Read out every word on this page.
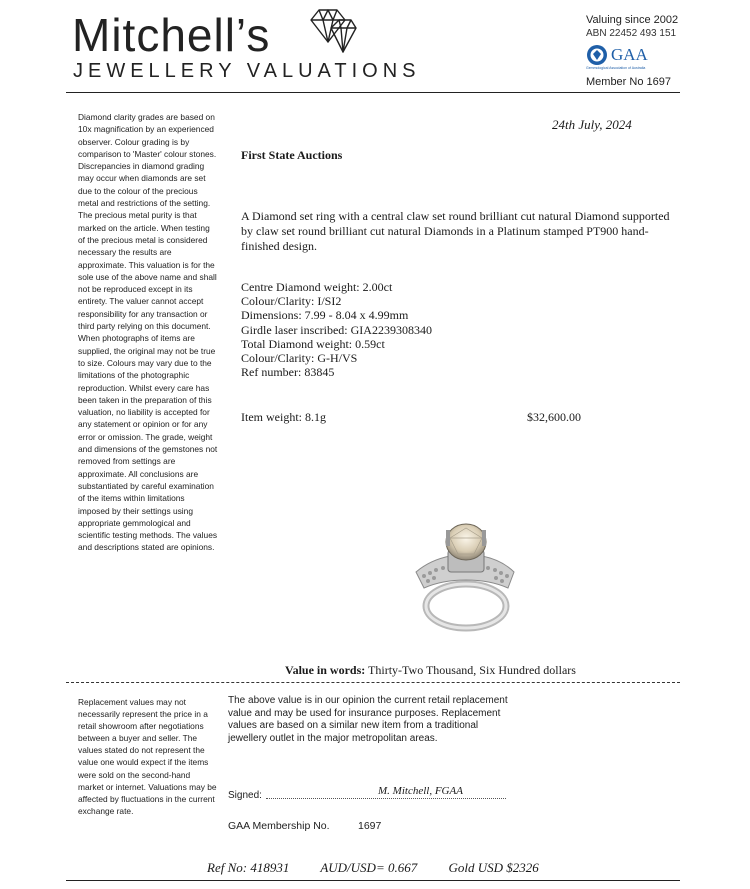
Mitchell’s
JEWELLERY VALUATIONS
Valuing since 2002
ABN 22452 493 151
GAA
Gemmological Association of Australia
Member No 1697
Diamond clarity grades are based on 10x magnification by an experienced observer. Colour grading is by comparison to 'Master' colour stones. Discrepancies in diamond grading may occur when diamonds are set due to the colour of the precious metal and restrictions of the setting. The precious metal purity is that marked on the article. When testing of the precious metal is considered necessary the results are approximate. This valuation is for the sole use of the above name and shall not be reproduced except in its entirety. The valuer cannot accept responsibility for any transaction or third party relying on this document. When photographs of items are supplied, the original may not be true to size. Colours may vary due to the limitations of the photographic reproduction. Whilst every care has been taken in the preparation of this valuation, no liability is accepted for any statement or opinion or for any error or omission. The grade, weight and dimensions of the gemstones not removed from settings are approximate. All conclusions are substantiated by careful examination of the items within limitations imposed by their settings using appropriate gemmological and scientific testing methods. The values and descriptions stated are opinions.
24th July, 2024
First State Auctions
A Diamond set ring with a central claw set round brilliant cut natural Diamond supported by claw set round brilliant cut natural Diamonds in a Platinum stamped PT900 hand-finished design.
Centre Diamond weight: 2.00ct
Colour/Clarity: I/SI2
Dimensions: 7.99 - 8.04 x 4.99mm
Girdle laser inscribed: GIA2239308340
Total Diamond weight: 0.59ct
Colour/Clarity: G-H/VS
Ref number: 83845
Item weight: 8.1g	$32,600.00
Value in words: Thirty-Two Thousand, Six Hundred dollars
Replacement values may not necessarily represent the price in a retail showroom after negotiations between a buyer and seller. The values stated do not represent the value one would expect if the items were sold on the second-hand market or internet. Valuations may be affected by fluctuations in the current exchange rate.
The above value is in our opinion the current retail replacement value and may be used for insurance purposes. Replacement values are based on a similar new item from a traditional jewellery outlet in the major metropolitan areas.
Signed:	M. Mitchell, FGAA
GAA Membership No.	1697
Ref No: 418931 AUD/USD= 0.667 Gold USD $2326
